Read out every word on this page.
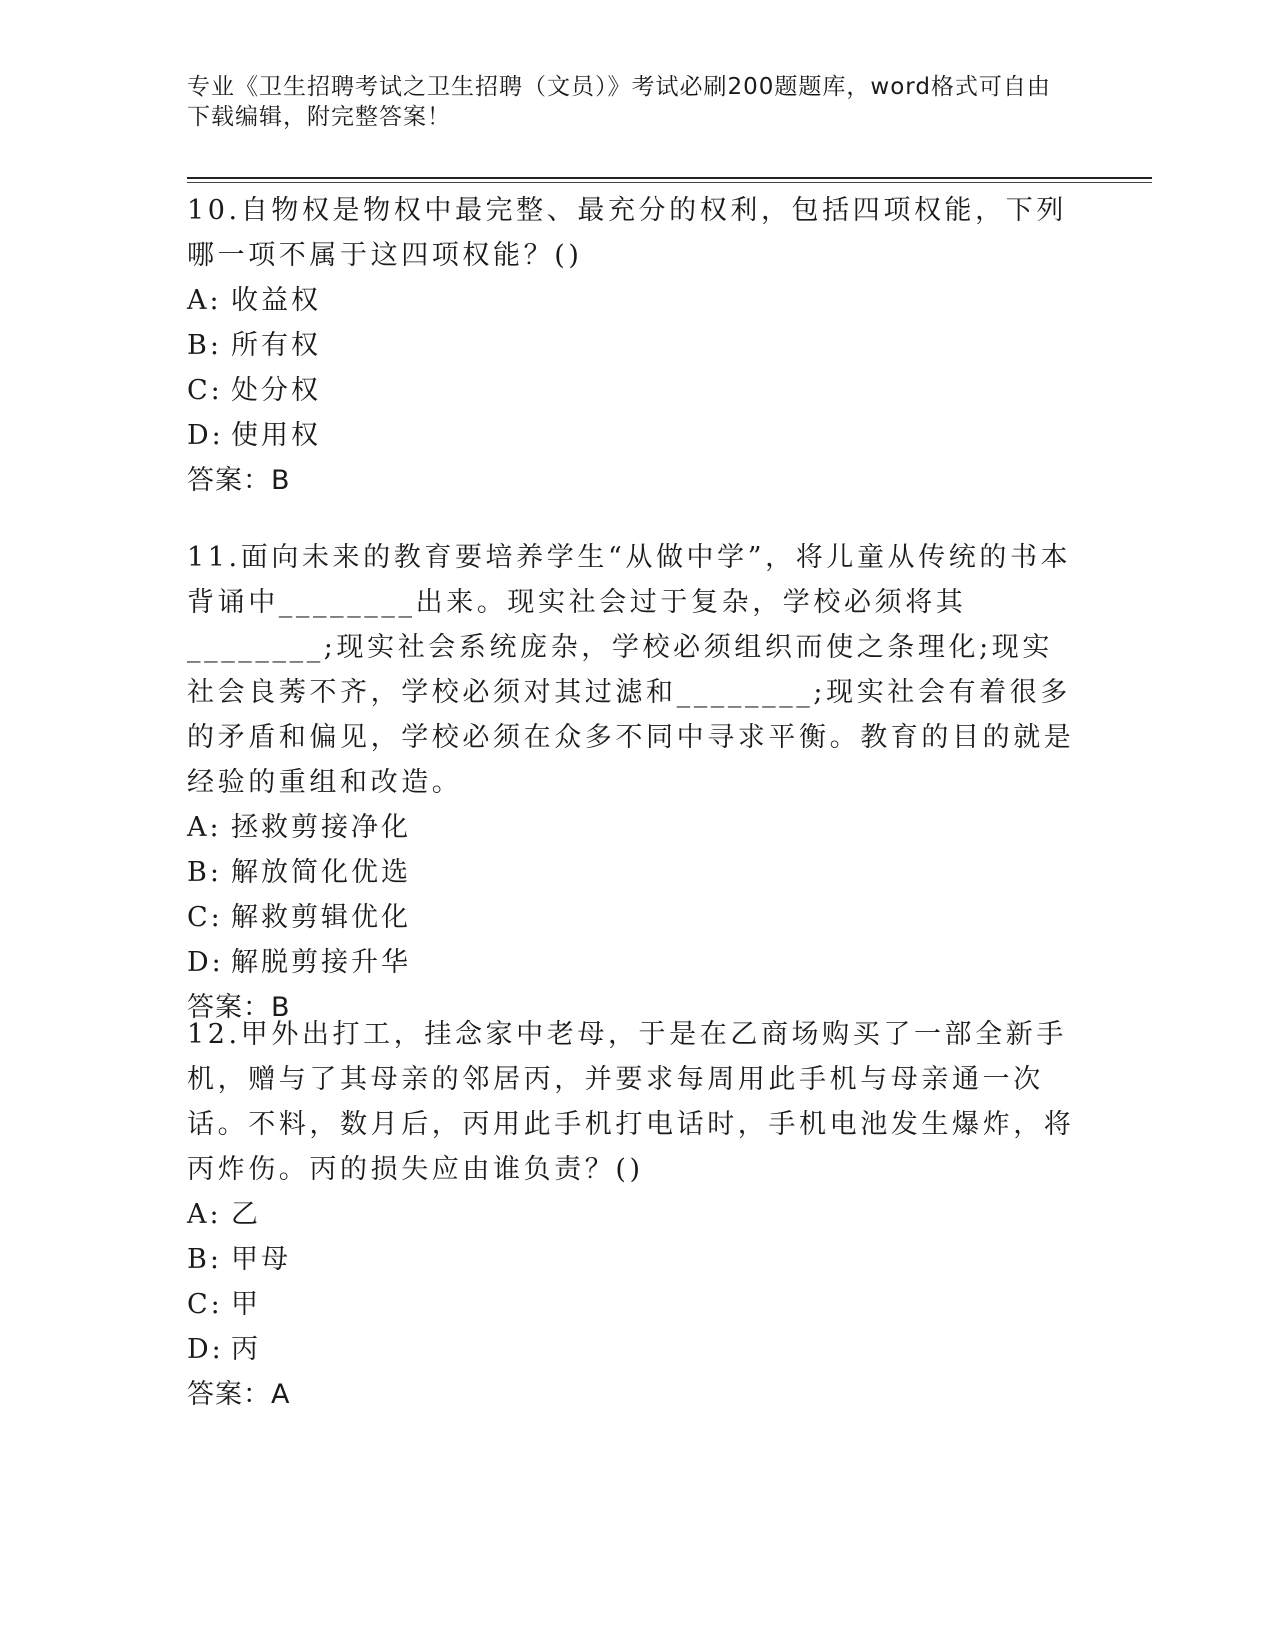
专业《卫生招聘考试之卫生招聘（文员）》考试必刷200题题库，word格式可自由下载编辑，附完整答案！

10.自物权是物权中最完整、最充分的权利，包括四项权能，下列哪一项不属于这四项权能？()

A: 收益权
B: 所有权
C: 处分权
D: 使用权
答案：B

11.面向未来的教育要培养学生“从做中学”，将儿童从传统的书本背诵中________出来。现实社会过于复杂，学校必须将其________;现实社会系统庞杂，学校必须组织而使之条理化;现实社会良莠不齐，学校必须对其过滤和________;现实社会有着很多的矛盾和偏见，学校必须在众多不同中寻求平衡。教育的目的就是经验的重组和改造。

A: 拯救剪接净化
B: 解放简化优选
C: 解救剪辑优化
D: 解脱剪接升华
答案：B

12.甲外出打工，挂念家中老母，于是在乙商场购买了一部全新手机，赠与了其母亲的邻居丙，并要求每周用此手机与母亲通一次话。不料，数月后，丙用此手机打电话时，手机电池发生爆炸，将丙炸伤。丙的损失应由谁负责？()

A: 乙
B: 甲母
C: 甲
D: 丙
答案：A
